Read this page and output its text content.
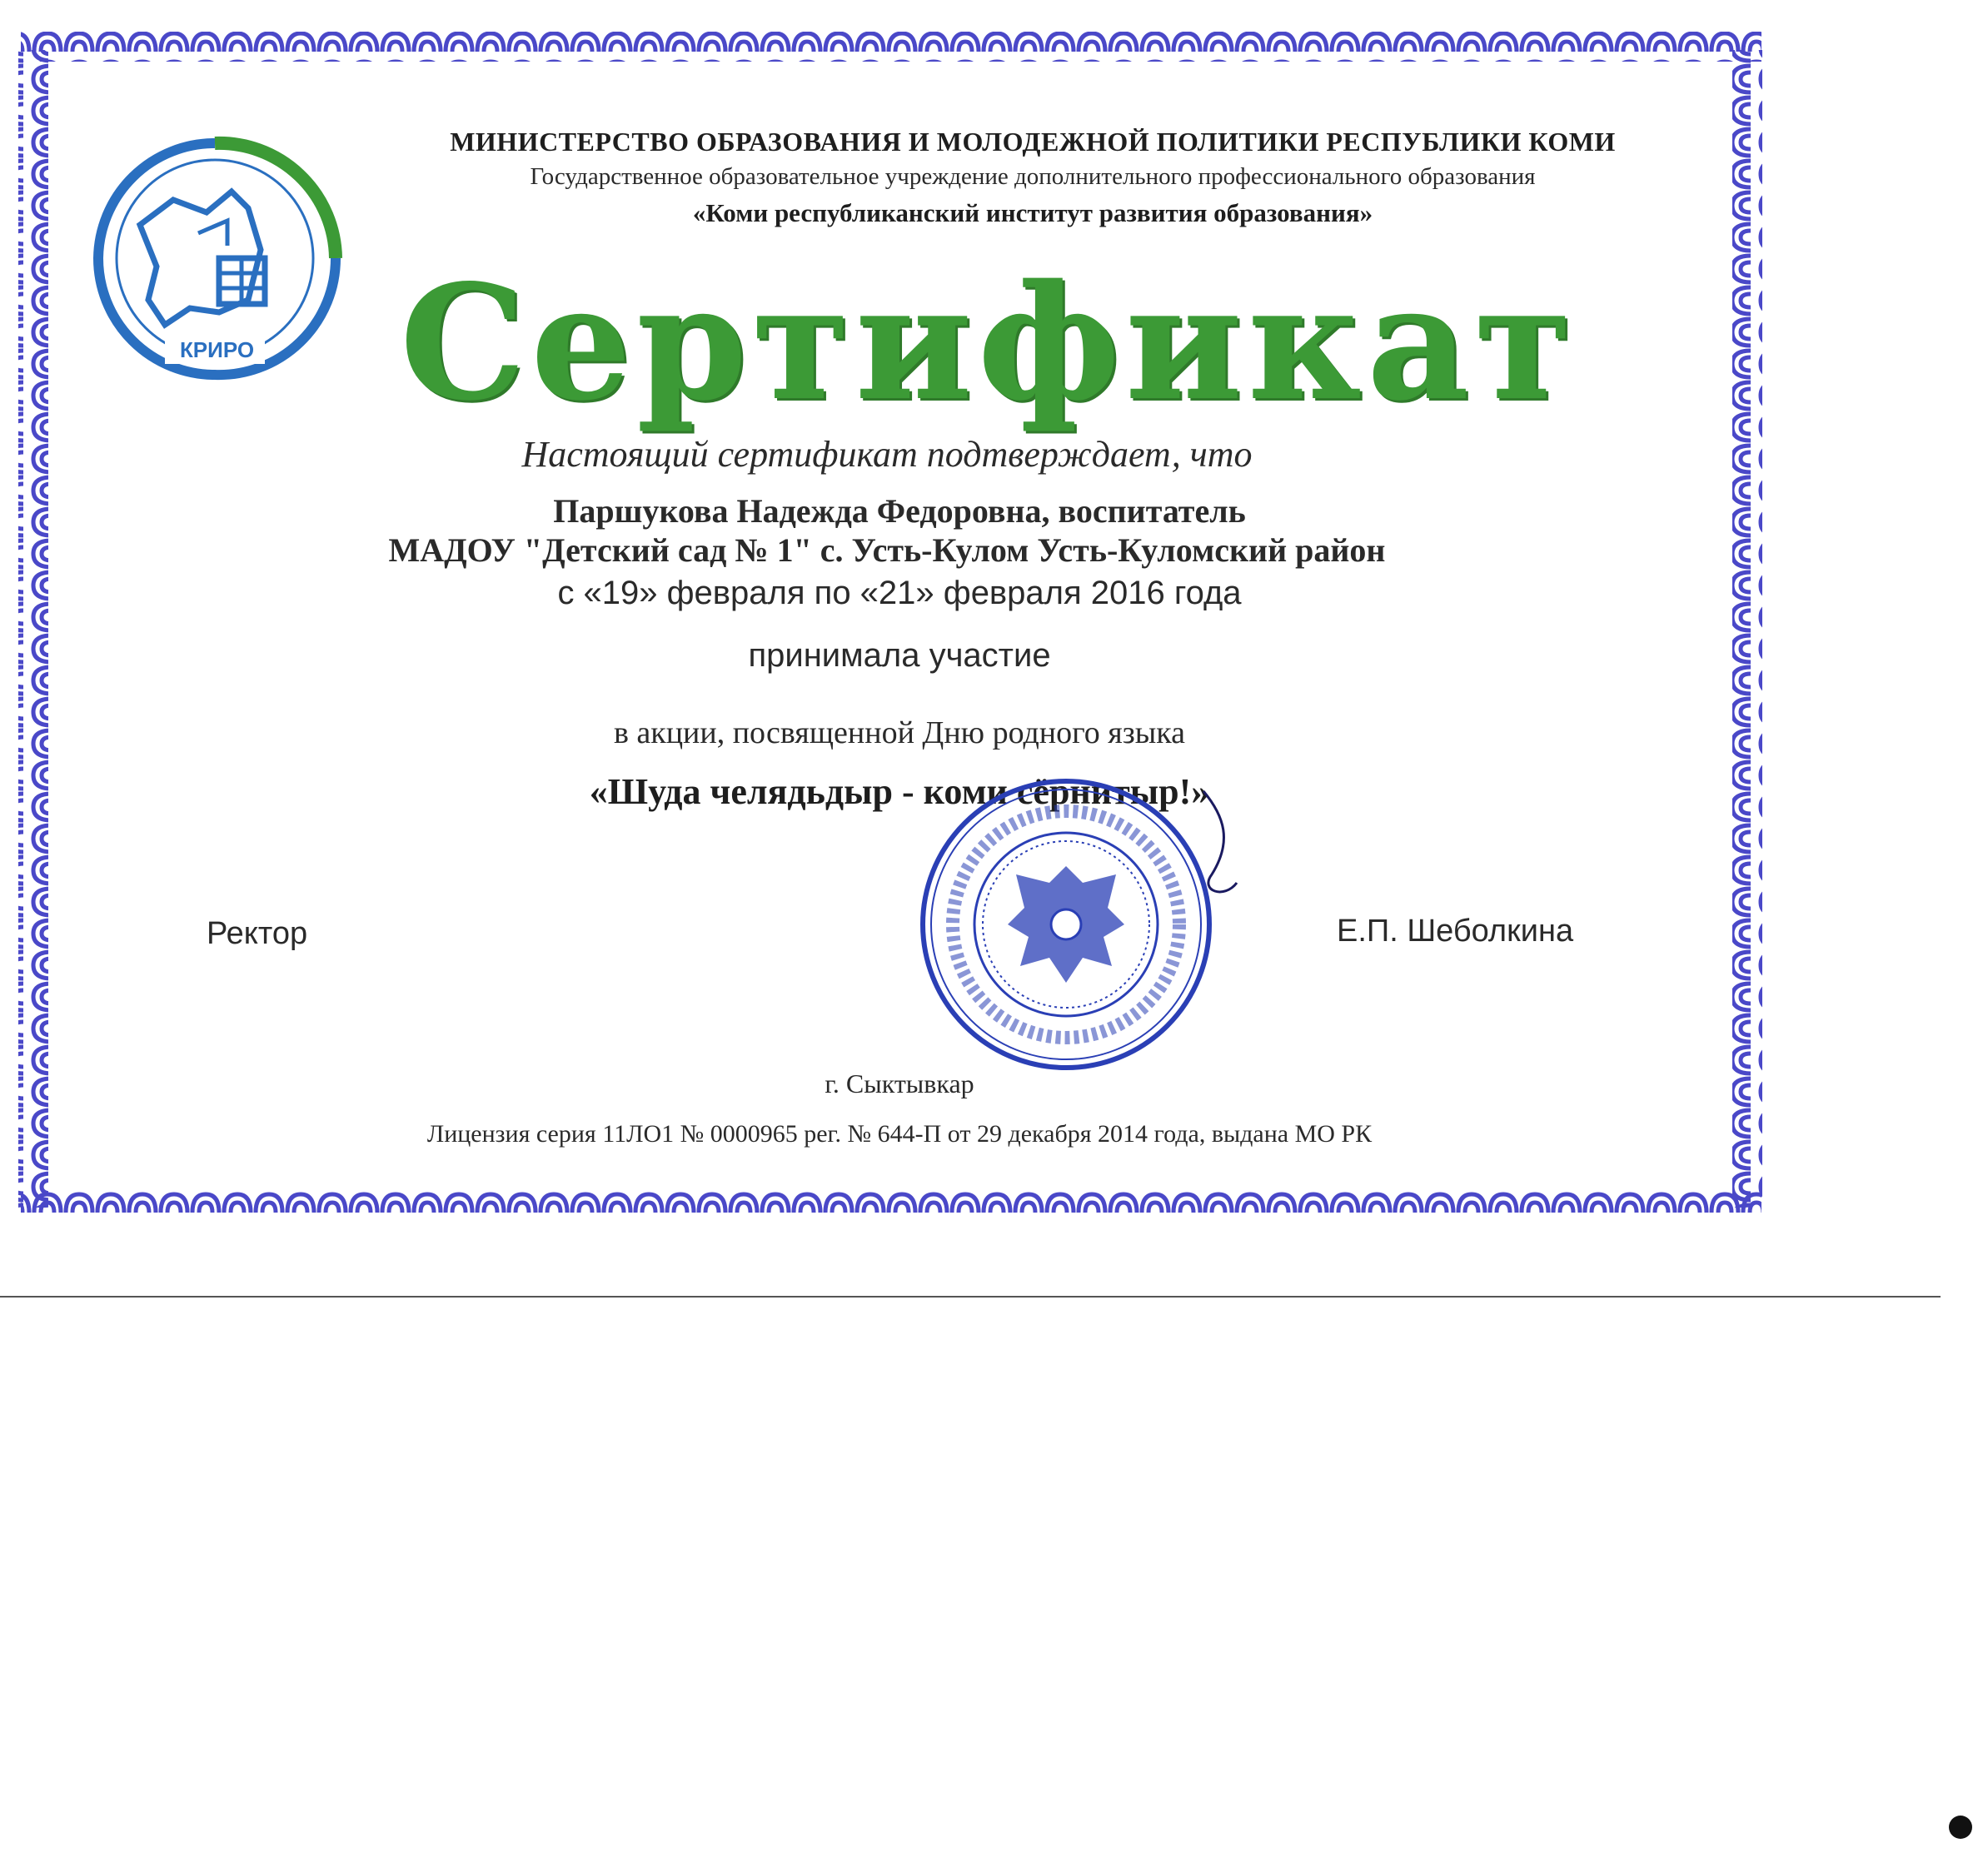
КРИРО
МИНИСТЕРСТВО ОБРАЗОВАНИЯ И МОЛОДЕЖНОЙ ПОЛИТИКИ РЕСПУБЛИКИ КОМИ
Государственное образовательное учреждение дополнительного профессионального образования
«Коми республиканский институт развития образования»
Сертификат
Настоящий сертификат подтверждает, что
Паршукова Надежда Федоровна, воспитатель
МАДОУ "Детский сад № 1" с. Усть-Кулом Усть-Куломский район
с «19» февраля по «21» февраля 2016 года
принимала участие
в акции, посвященной Дню родного языка
«Шуда челядьдыр - коми сёрнитыр!»
Ректор	Е.П. Шеболкина
г. Сыктывкар
Лицензия серия 11ЛО1 № 0000965 рег. № 644-П от 29 декабря 2014 года, выдана МО РК
